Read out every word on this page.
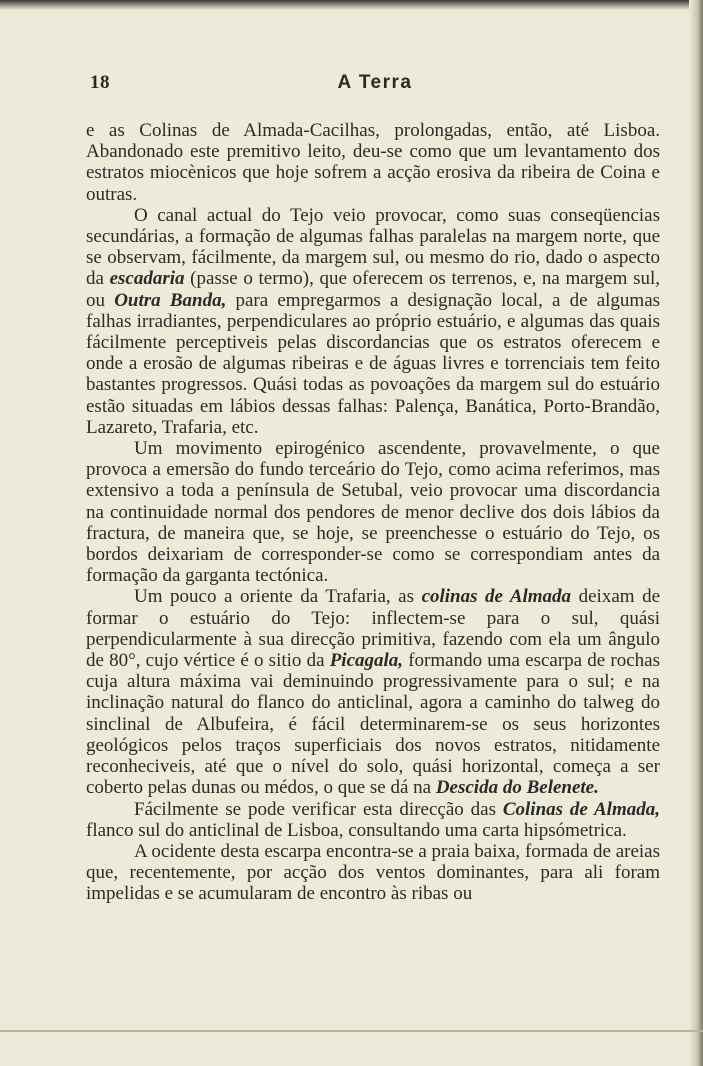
18	A Terra

e as Colinas de Almada-Cacilhas, prolongadas, então, até Lisboa. Abandonado este premitivo leito, deu-se como que um levantamento dos estratos miocènicos que hoje sofrem a acção erosiva da ribeira de Coina e outras.

O canal actual do Tejo veio provocar, como suas conseqüencias secundárias, a formação de algumas falhas paralelas na margem norte, que se observam, fácilmente, da margem sul, ou mesmo do rio, dado o aspecto da escadaria (passe o termo), que oferecem os terrenos, e, na margem sul, ou Outra Banda, para empregarmos a designação local, a de algumas falhas irradiantes, perpendiculares ao próprio estuário, e algumas das quais fácilmente perceptiveis pelas discordancias que os estratos oferecem e onde a erosão de algumas ribeiras e de águas livres e torrenciais tem feito bastantes progressos. Quási todas as povoações da margem sul do estuário estão situadas em lábios dessas falhas: Palença, Banática, Porto-Brandão, Lazareto, Trafaria, etc.

Um movimento epirogénico ascendente, provavelmente, o que provoca a emersão do fundo terceário do Tejo, como acima referimos, mas extensivo a toda a península de Setubal, veio provocar uma discordancia na continuidade normal dos pendores de menor declive dos dois lábios da fractura, de maneira que, se hoje, se preenchesse o estuário do Tejo, os bordos deixariam de corresponder-se como se correspondiam antes da formação da garganta tectónica.

Um pouco a oriente da Trafaria, as colinas de Almada deixam de formar o estuário do Tejo: inflectem-se para o sul, quási perpendicularmente à sua direcção primitiva, fazendo com ela um ângulo de 80°, cujo vértice é o sitio da Picagala, formando uma escarpa de rochas cuja altura máxima vai deminuindo progressivamente para o sul; e na inclinação natural do flanco do anticlinal, agora a caminho do talweg do sinclinal de Albufeira, é fácil determinarem-se os seus horizontes geológicos pelos traços superficiais dos novos estratos, nitidamente reconheciveis, até que o nível do solo, quási horizontal, começa a ser coberto pelas dunas ou médos, o que se dá na Descida do Belenete.

Fácilmente se pode verificar esta direcção das Colinas de Almada, flanco sul do anticlinal de Lisboa, consultando uma carta hipsómetrica.

A ocidente desta escarpa encontra-se a praia baixa, formada de areias que, recentemente, por acção dos ventos dominantes, para ali foram impelidas e se acumularam de encontro às ribas ou
